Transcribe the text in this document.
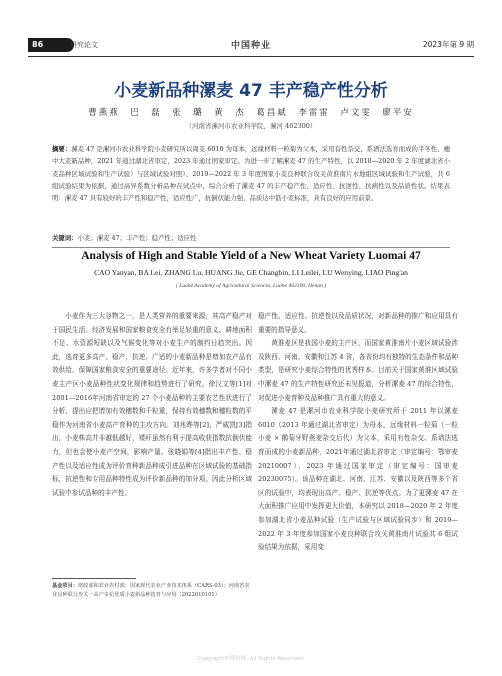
86	研究论文	中国种业	2023年第 9 期
小麦新品种漯麦 47 丰产稳产性分析
曹燕燕　巴　磊　张　璐　黄　杰　葛昌斌　李雷雷　卢文雯　廖平安
（河南省漯河市农业科学院，漯河 462300）
摘要：漯麦 47 是漯河市农业科学院小麦研究所以周麦 6010 为母本，远缘材料一粒菊为父本，采用有性杂交、系谱法选育而成的半冬性、穗中大麦新品种，2021 年通过湖北省审定，2023 年通过国家审定。为进一步了解漯麦 47 的生产特性，以 2018—2020 年 2 年度湖北省小麦品种区域试验和生产试验）与区域试验对照）、2019—2022 年 3 年度国家小麦良种联合攻关黄淮南片水地组区域试验和生产试验，共 6 组试验结果为依据，通过高异系数分析品种在试点中，综合分析了漯麦 47 的丰产稳产性、适应性、抗逆性、抗病性以及品质性状。结果表明：漯麦 47 具有较好的丰产性和稳产性，适应性广，抗倒伏能力强，品质达中筋小麦标准，具有良好的应用前景。
关键词：小麦；漯麦 47；丰产性；稳产性；适应性
Analysis of High and Stable Yield of a New Wheat Variety Luomai 47
CAO Yanyan, BA Lei, ZHANG Lu, HUANG Jie, GE Changbin, LI Leilei, LU Wenying, LIAO Ping'an
( Luohe Academy of Agricultural Sciences, Luohe 462300, Henan )

小麦作为三大谷物之一，是人类营养的重要来源，其高产稳产对于国民生活、经济发展和国家粮食安全有举足轻重的意义。耕地面积不足、水资源短缺以及气候变化等对小麦生产的制约日趋突出。因此，选育更多高产、稳产、抗逆、广适的小麦新品种是增加农产品有效供给、保障国家粮食安全的重要途径。近年来，许多学者对不同小麦主产区小麦品种性状变化规律和趋势进行了研究。徐汉文等[1]对2001—2016年河南省审定的 27 个小麦品种的主要农艺性状进行了分析，提出应把增加有效穗数和千粒重，保持有效穗数和穗粒数的平稳作为河南省小麦高产育种的主攻方向。刘兆晔等[2]、严威凯[3]指出，小麦株高并非越低越好，矮秆虽然有利于提高收获指数抗倒伏能力，但也会使小麦产空间，影响产量。张晓娟等[4]指出丰产性、稳产性以及适应性成为评价育种新品种成引进品种在区域试验的基础指标，抗逆性和专用品种特性成为评价新品种的加分项。因此分析区域试验中参试品种的丰产性、

稳产性、适应性、抗逆性以及品质状况，对新品种的推广和应用具有重要的指导意义。

黄淮麦区是我国小麦的主产区，而国家黄淮南片小麦区域试验涉及陕西、河南、安徽和江苏 4 省，各省份均有独特的生态条件和品种类型，是研究小麦综合特性的优秀样本。目前关于国家黄淮区域试验中漯麦 47 的生产特性研究还未见报道，分析漯麦 47 的综合特性，对促进小麦育种及品种推广具有重大的意义。

漯麦 47 是漯河市农业科学院小麦研究所于 2011 年以漯麦 6010（2013 年通过湖北省审定）为母本，远缘材料一粒菊（一粒小麦 × 鹅菊牙野燕麦杂交后代）为父本，采用有性杂交、系谱法选育而成的小麦新品种，2021年通过湖北省审定（审定编号：鄂审麦 20210007），2023 年通过国家审定（审定编号：国审麦 20230075）。该品种在湖北、河南、江苏、安徽以及陕西等多个省区的试验中，均表现出高产、稳产、抗逆等优点。为了更漯麦 47 在大面积推广应用中发挥更大价值，本研究以 2018—2020 年 2 年度参加湖北省小麦品种试验（生产试验与区域试验同步）和 2019—2022 年 3 年度参加国家小麦良种联合攻关黄淮南片试验共 6 组试验结果为依据，采用变

基金项目：财政部和农业农村部：国家现代农业产业技术体系（CARS-03）；河南省农业良种联合攻关一高产多抗优质小麦新品种选育与应用（2022010101）
Copyright©博看网. All Rights Reserved.
